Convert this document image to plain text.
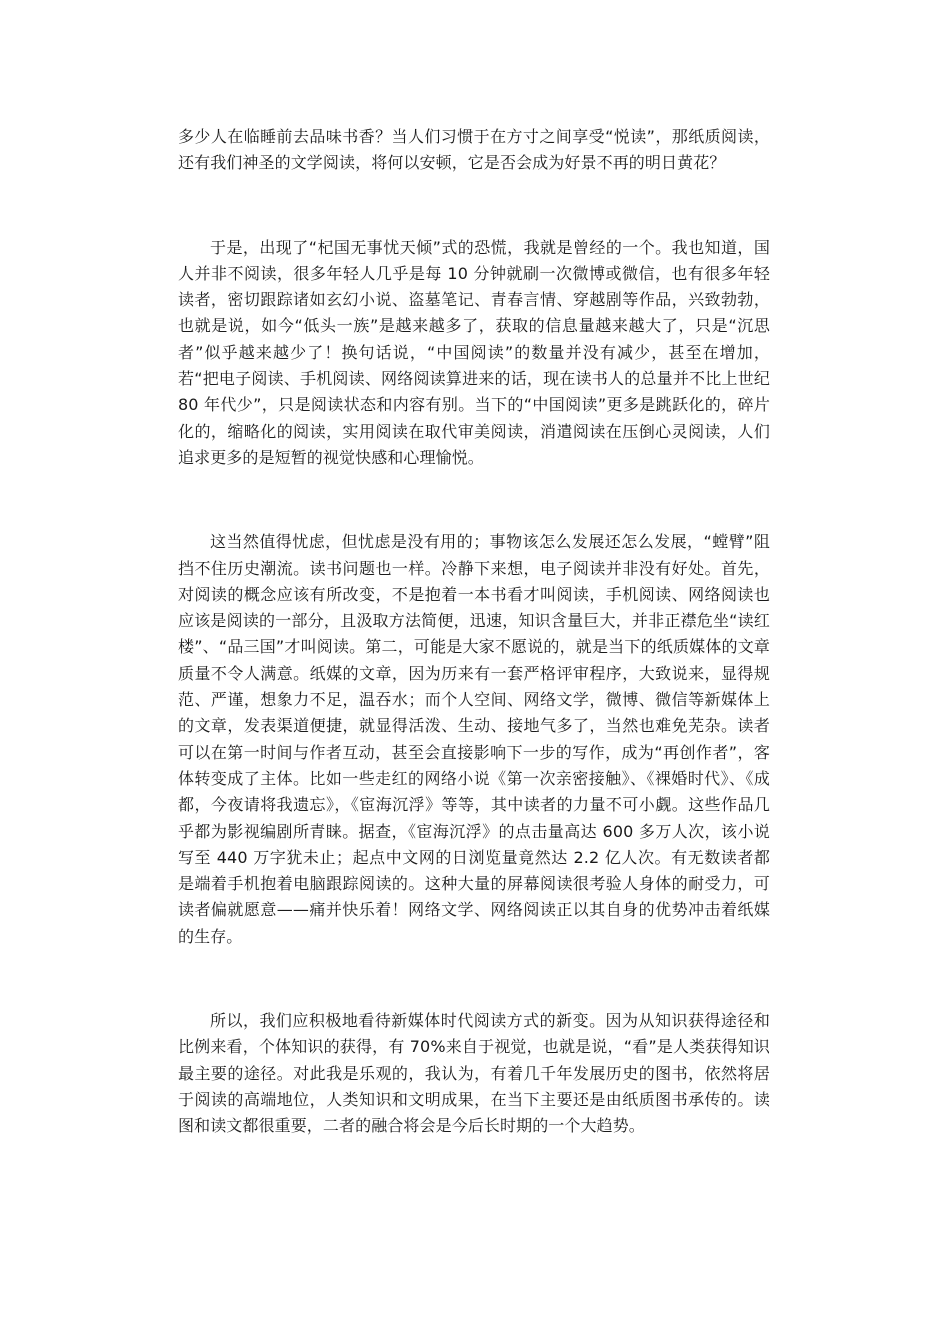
多少人在临睡前去品味书香？当人们习惯于在方寸之间享受“悦读”，那纸质阅读，还有我们神圣的文学阅读，将何以安顿，它是否会成为好景不再的明日黄花？

于是，出现了“杞国无事忧天倾”式的恐慌，我就是曾经的一个。我也知道，国人并非不阅读，很多年轻人几乎是每 10 分钟就刷一次微博或微信，也有很多年轻读者，密切跟踪诸如玄幻小说、盗墓笔记、青春言情、穿越剧等作品，兴致勃勃，也就是说，如今“低头一族”是越来越多了，获取的信息量越来越大了，只是“沉思者”似乎越来越少了！换句话说，“中国阅读”的数量并没有减少，甚至在增加，若“把电子阅读、手机阅读、网络阅读算进来的话，现在读书人的总量并不比上世纪 80 年代少”，只是阅读状态和内容有别。当下的“中国阅读”更多是跳跃化的，碎片化的，缩略化的阅读，实用阅读在取代审美阅读，消遣阅读在压倒心灵阅读，人们追求更多的是短暂的视觉快感和心理愉悦。

这当然值得忧虑，但忧虑是没有用的；事物该怎么发展还怎么发展，“螳臂”阻挡不住历史潮流。读书问题也一样。冷静下来想，电子阅读并非没有好处。首先，对阅读的概念应该有所改变，不是抱着一本书看才叫阅读，手机阅读、网络阅读也应该是阅读的一部分，且汲取方法简便，迅速，知识含量巨大，并非正襟危坐“读红楼”、“品三国”才叫阅读。第二，可能是大家不愿说的，就是当下的纸质媒体的文章质量不令人满意。纸媒的文章，因为历来有一套严格评审程序，大致说来，显得规范、严谨，想象力不足，温吞水；而个人空间、网络文学，微博、微信等新媒体上的文章，发表渠道便捷，就显得活泼、生动、接地气多了，当然也难免芜杂。读者可以在第一时间与作者互动，甚至会直接影响下一步的写作，成为“再创作者”，客体转变成了主体。比如一些走红的网络小说《第一次亲密接触》、《裸婚时代》、《成都，今夜请将我遗忘》，《宦海沉浮》等等，其中读者的力量不可小觑。这些作品几乎都为影视编剧所青睐。据查，《宦海沉浮》的点击量高达 600 多万人次，该小说写至 440 万字犹未止；起点中文网的日浏览量竟然达 2.2 亿人次。有无数读者都是端着手机抱着电脑跟踪阅读的。这种大量的屏幕阅读很考验人身体的耐受力，可读者偏就愿意——痛并快乐着！网络文学、网络阅读正以其自身的优势冲击着纸媒的生存。

所以，我们应积极地看待新媒体时代阅读方式的新变。因为从知识获得途径和比例来看，个体知识的获得，有 70%来自于视觉，也就是说，“看”是人类获得知识最主要的途径。对此我是乐观的，我认为，有着几千年发展历史的图书，依然将居于阅读的高端地位，人类知识和文明成果，在当下主要还是由纸质图书承传的。读图和读文都很重要，二者的融合将会是今后长时期的一个大趋势。
